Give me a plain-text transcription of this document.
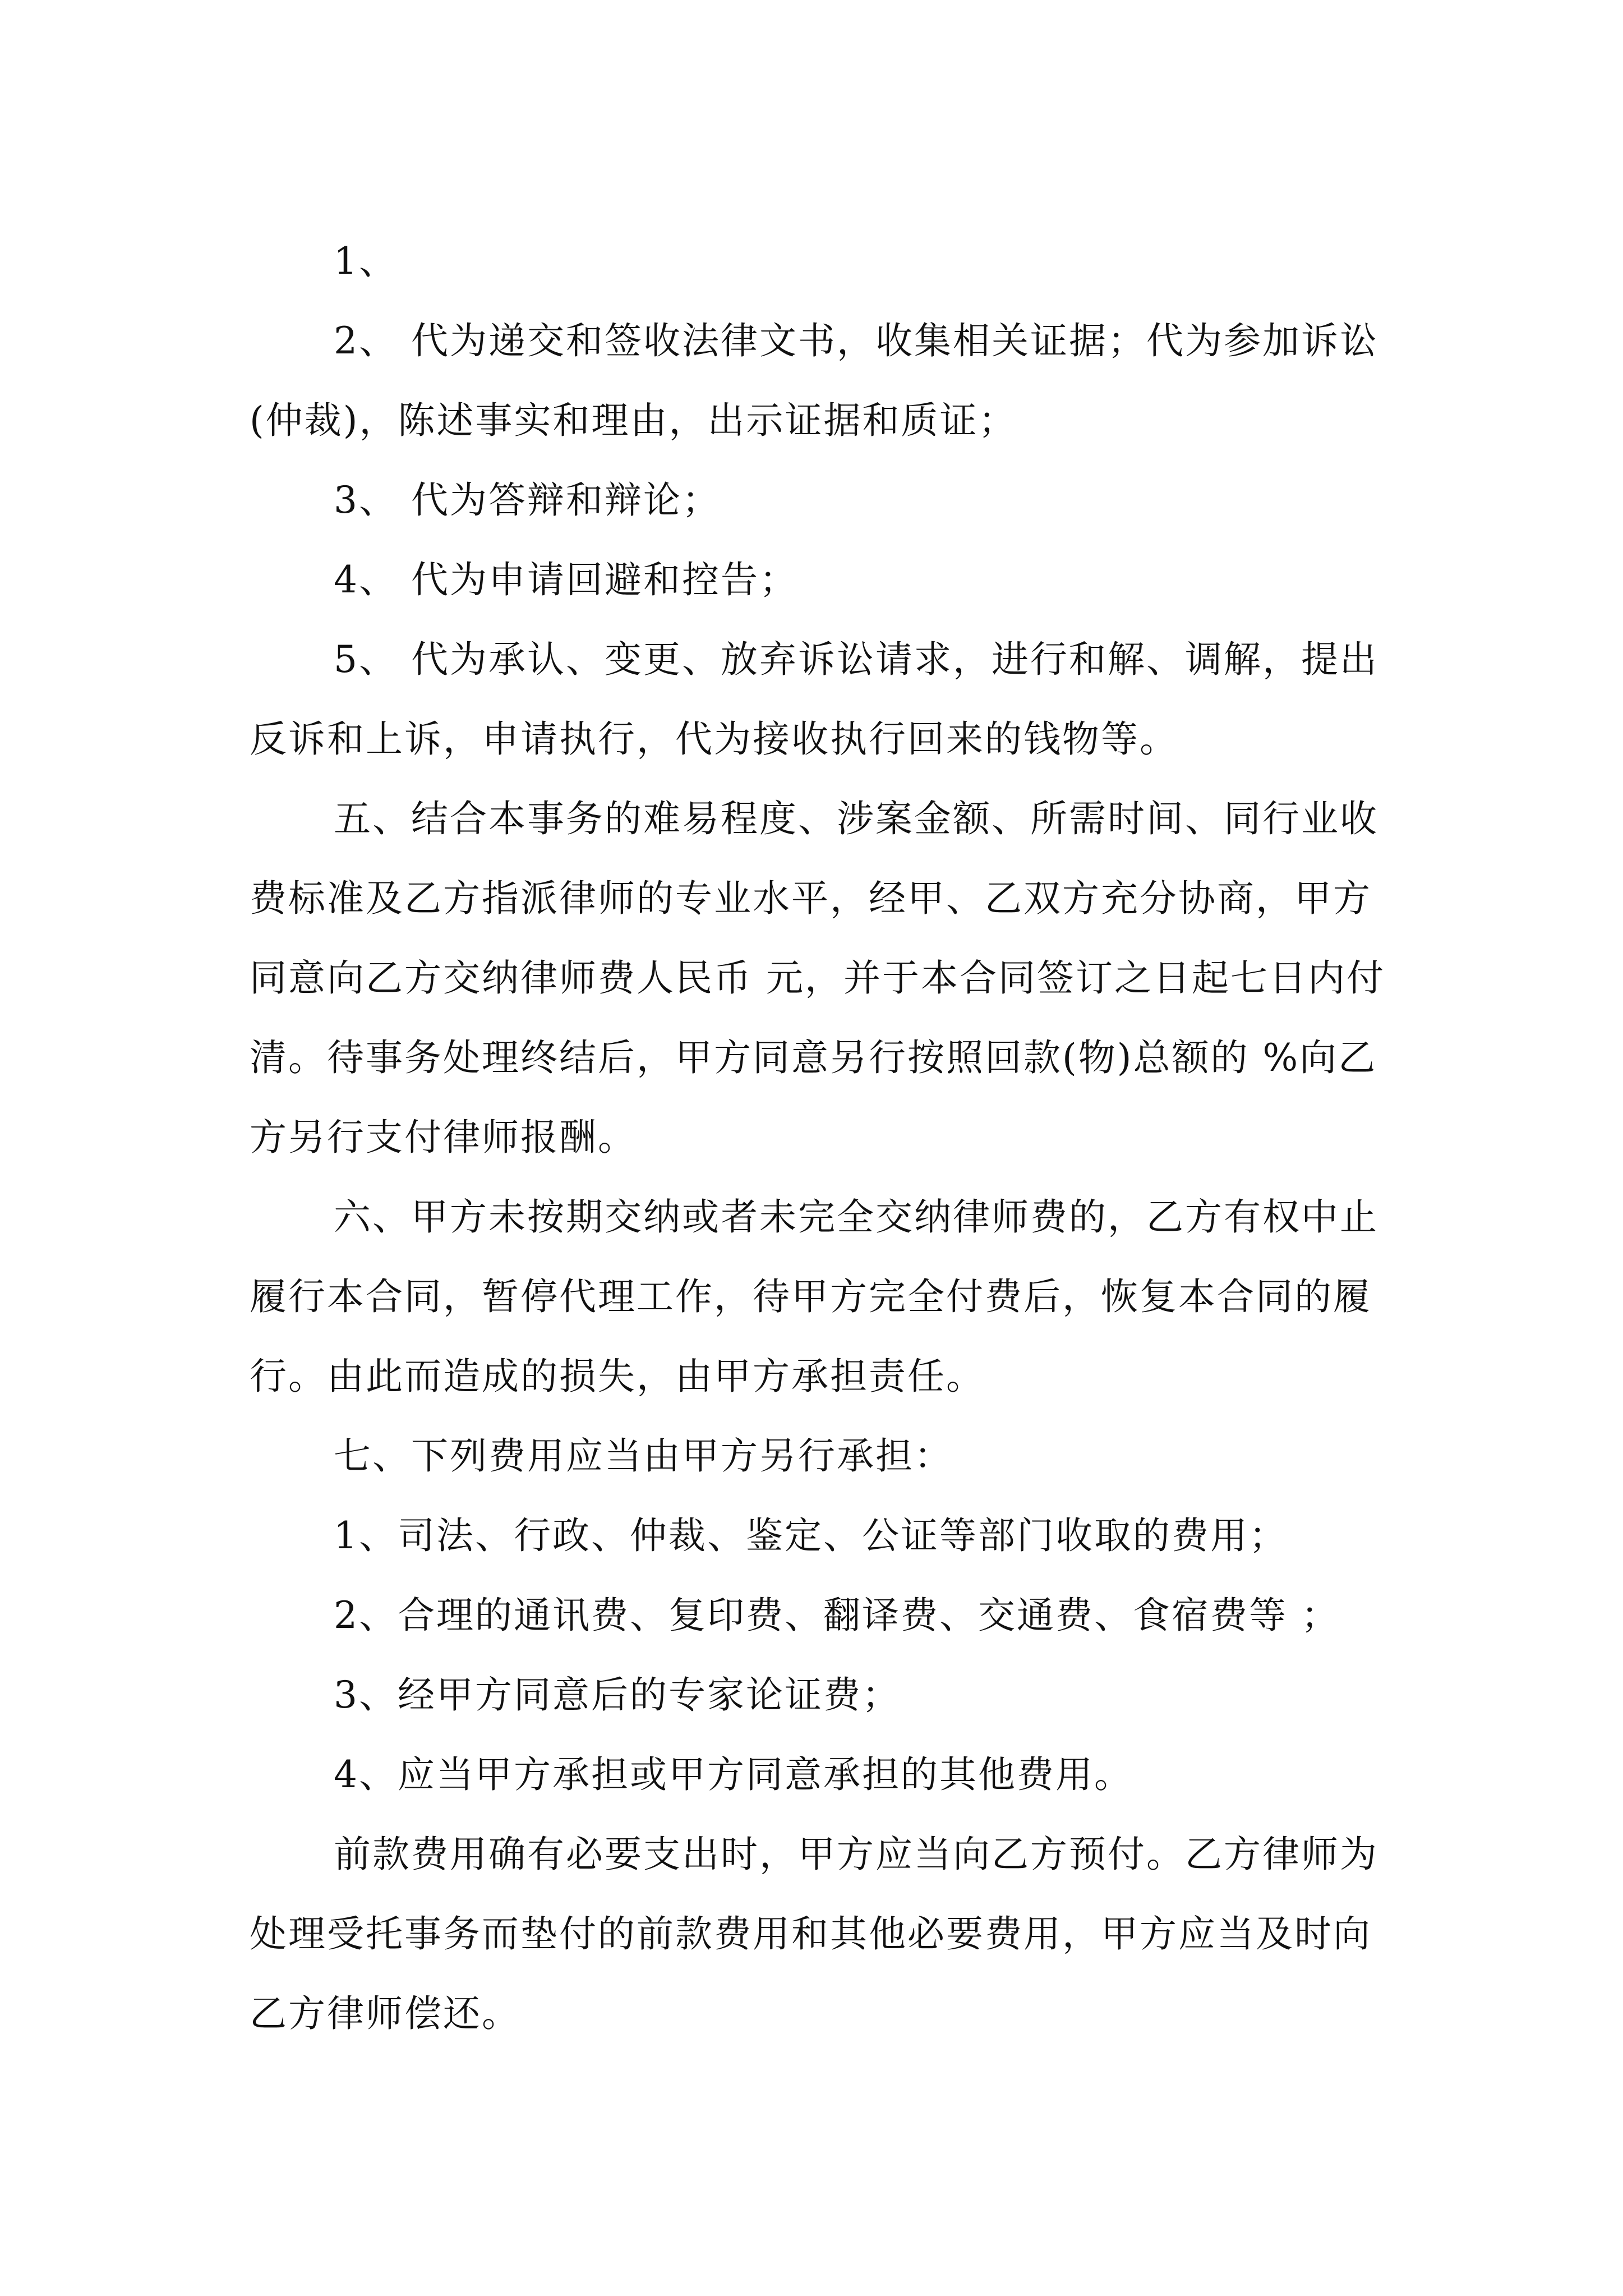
1、

2、 代为递交和签收法律文书，收集相关证据；代为参加诉讼(仲裁)，陈述事实和理由，出示证据和质证；

3、 代为答辩和辩论；

4、 代为申请回避和控告；

5、 代为承认、变更、放弃诉讼请求，进行和解、调解，提出反诉和上诉，申请执行，代为接收执行回来的钱物等。

五、结合本事务的难易程度、涉案金额、所需时间、同行业收费标准及乙方指派律师的专业水平，经甲、乙双方充分协商，甲方同意向乙方交纳律师费人民币 元，并于本合同签订之日起七日内付清。待事务处理终结后，甲方同意另行按照回款(物)总额的 %向乙方另行支付律师报酬。

六、甲方未按期交纳或者未完全交纳律师费的，乙方有权中止履行本合同，暂停代理工作，待甲方完全付费后，恢复本合同的履行。由此而造成的损失，由甲方承担责任。

七、下列费用应当由甲方另行承担：

1、司法、行政、仲裁、鉴定、公证等部门收取的费用；

2、合理的通讯费、复印费、翻译费、交通费、食宿费等 ；

3、经甲方同意后的专家论证费；

4、应当甲方承担或甲方同意承担的其他费用。

前款费用确有必要支出时，甲方应当向乙方预付。乙方律师为处理受托事务而垫付的前款费用和其他必要费用，甲方应当及时向乙方律师偿还。
